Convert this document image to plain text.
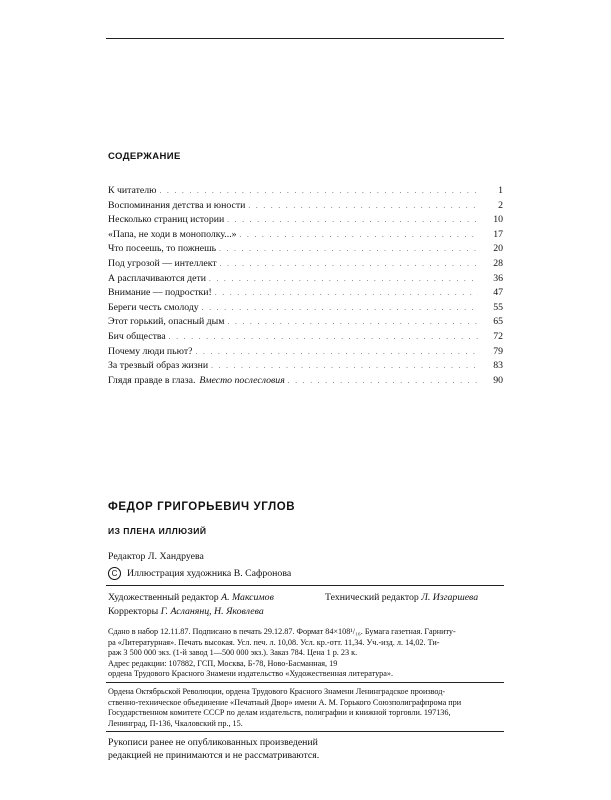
СОДЕРЖАНИЕ
К читателю . . .	1
Воспоминания детства и юности . . .	2
Несколько страниц истории . . .	10
«Папа, не ходи в монополку...» . . .	17
Что посеешь, то пожнешь . . .	20
Под угрозой — интеллект . . .	28
А расплачиваются дети . . .	36
Внимание — подростки! . . .	47
Береги честь смолоду . . .	55
Этот горький, опасный дым . . .	65
Бич общества . . .	72
Почему люди пьют? . . .	79
За трезвый образ жизни . . .	83
Глядя правде в глаза. Вместо послесловия . . .	90
ФЕДОР ГРИГОРЬЕВИЧ УГЛОВ
ИЗ ПЛЕНА ИЛЛЮЗИЙ
Редактор Л. Хандруева
С Иллюстрация художника В. Сафронова
Художественный редактор А. Максимов	Технический редактор Л. Изгаршева
Корректоры Г. Асланянц, Н. Яковлева
Сдано в набор 12.11.87. Подписано в печать 29.12.87. Формат 84×108¹/₁₆. Бумага газетная. Гарниту-
ра «Литературная». Печать высокая. Усл. печ. л. 10,08. Усл. кр.-отт. 11,34. Уч.-изд. л. 14,02. Ти-
раж 3 500 000 экз. (1-й завод 1—500 000 экз.). Заказ 784. Цена 1 р. 23 к.
Адрес редакции: 107882, ГСП, Москва, Б-78, Ново-Басманная, 19
ордена Трудового Красного Знамени издательство «Художественная литература».
Ордена Октябрьской Революции, ордена Трудового Красного Знамени Ленинградское производ-
ственно-техническое объединение «Печатный Двор» имени А. М. Горького Союзполиграфпрома при
Государственном комитете СССР по делам издательств, полиграфии и книжной торговли. 197136,
Ленинград, П-136, Чкаловский пр., 15.
Рукописи ранее не опубликованных произведений
редакцией не принимаются и не рассматриваются.
